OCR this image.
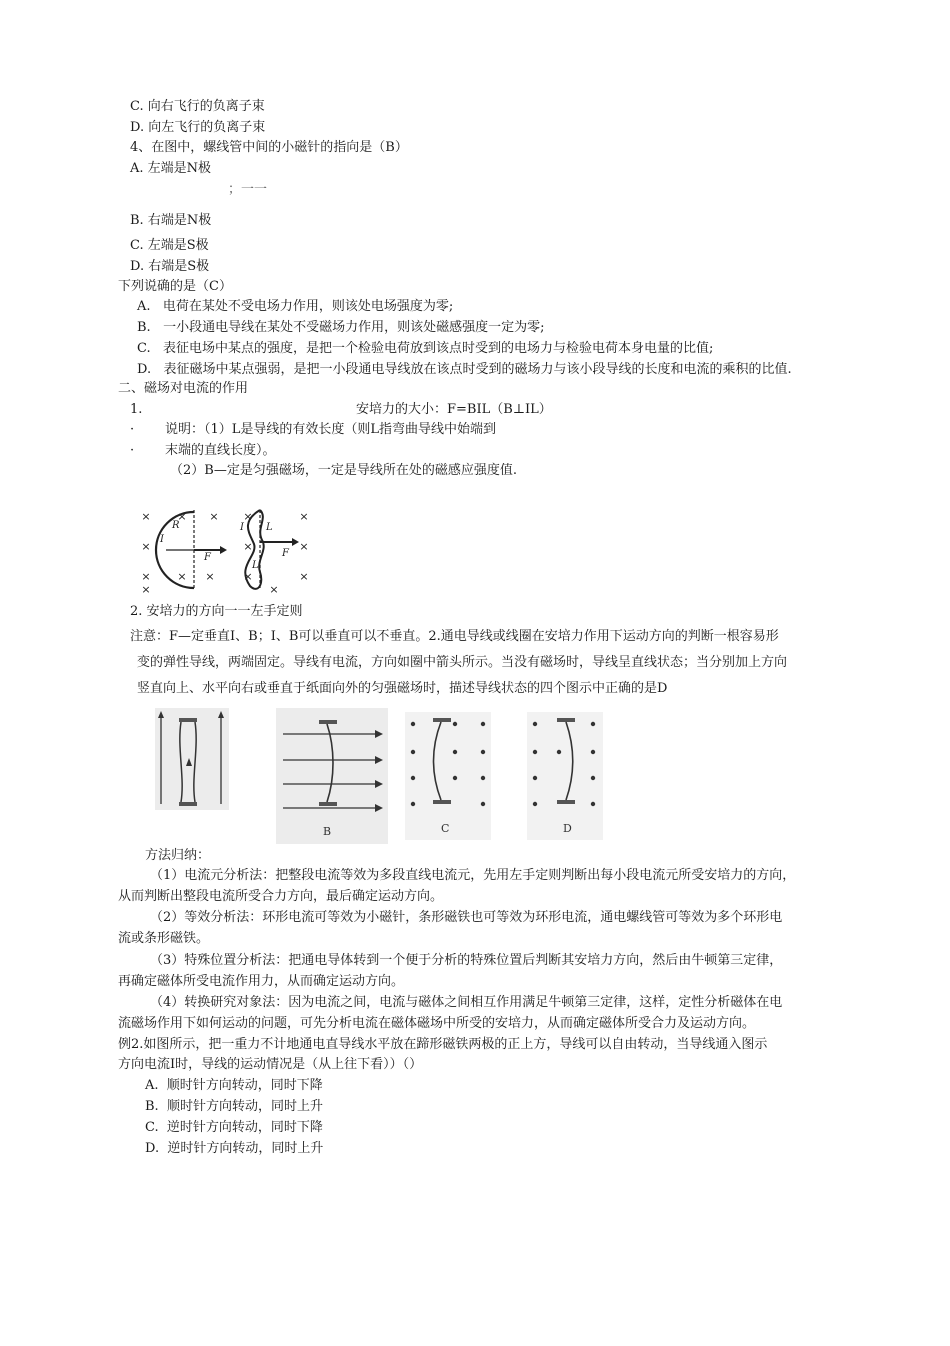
C. 向右飞行的负离子束
D. 向左飞行的负离子束
4、在图中，螺线管中间的小磁针的指向是（B）
A. 左端是N极
；一一
B. 右端是N极
C. 左端是S极
D. 右端是S极
下列说确的是（C）
A.   电荷在某处不受电场力作用，则该处电场强度为零;
B.   一小段通电导线在某处不受磁场力作用，则该处磁感强度一定为零;
C.   表征电场中某点的强度，是把一个检验电荷放到该点时受到的电场力与检验电荷本身电量的比值;
D.   表征磁场中某点强弱，是把一小段通电导线放在该点时受到的磁场力与该小段导线的长度和电流的乘积的比值.
二、磁场对电流的作用
1.	安培力的大小：F=BIL（B⊥IL）
· 说明：（1）L是导线的有效长度（则L指弯曲导线中始端到
· 末端的直线长度）。
（2）B—定是匀强磁场，一定是导线所在处的磁感应强度值.
×
×
×
×
×
× ×
× ×
×
×
×
×
×
×
R
I
F
I L
F
L
2. 安培力的方向一一左手定则
注意：F—定垂直I、B；I、B可以垂直可以不垂直。2.通电导线或线圈在安培力作用下运动方向的判断一根容易形
变的弹性导线，两端固定。导线有电流，方向如圈中箭头所示。当没有磁场时，导线呈直线状态；当分别加上方向
竖直向上、水平向右或垂直于纸面向外的匀强磁场时，描述导线状态的四个图示中正确的是D
B	C	D
方法归纳：
（1）电流元分析法：把整段电流等效为多段直线电流元，先用左手定则判断出每小段电流元所受安培力的方向，
从而判断出整段电流所受合力方向，最后确定运动方向。
（2）等效分析法：环形电流可等效为小磁针，条形磁铁也可等效为环形电流，通电螺线管可等效为多个环形电
流或条形磁铁。
（3）特殊位置分析法：把通电导体转到一个便于分析的特殊位置后判断其安培力方向，然后由牛顿第三定律，
再确定磁体所受电流作用力，从而确定运动方向。
（4）转换研究对象法：因为电流之间，电流与磁体之间相互作用满足牛顿第三定律，这样，定性分析磁体在电
流磁场作用下如何运动的问题，可先分析电流在磁体磁场中所受的安培力，从而确定磁体所受合力及运动方向。
例2.如图所示，把一重力不计地通电直导线水平放在蹄形磁铁两极的正上方，导线可以自由转动，当导线通入图示
方向电流I时，导线的运动情况是（从上往下看））（）
A.  顺时针方向转动，同时下降
B.  顺时针方向转动，同时上升
C.  逆时针方向转动，同时下降
D.  逆时针方向转动，同时上升
